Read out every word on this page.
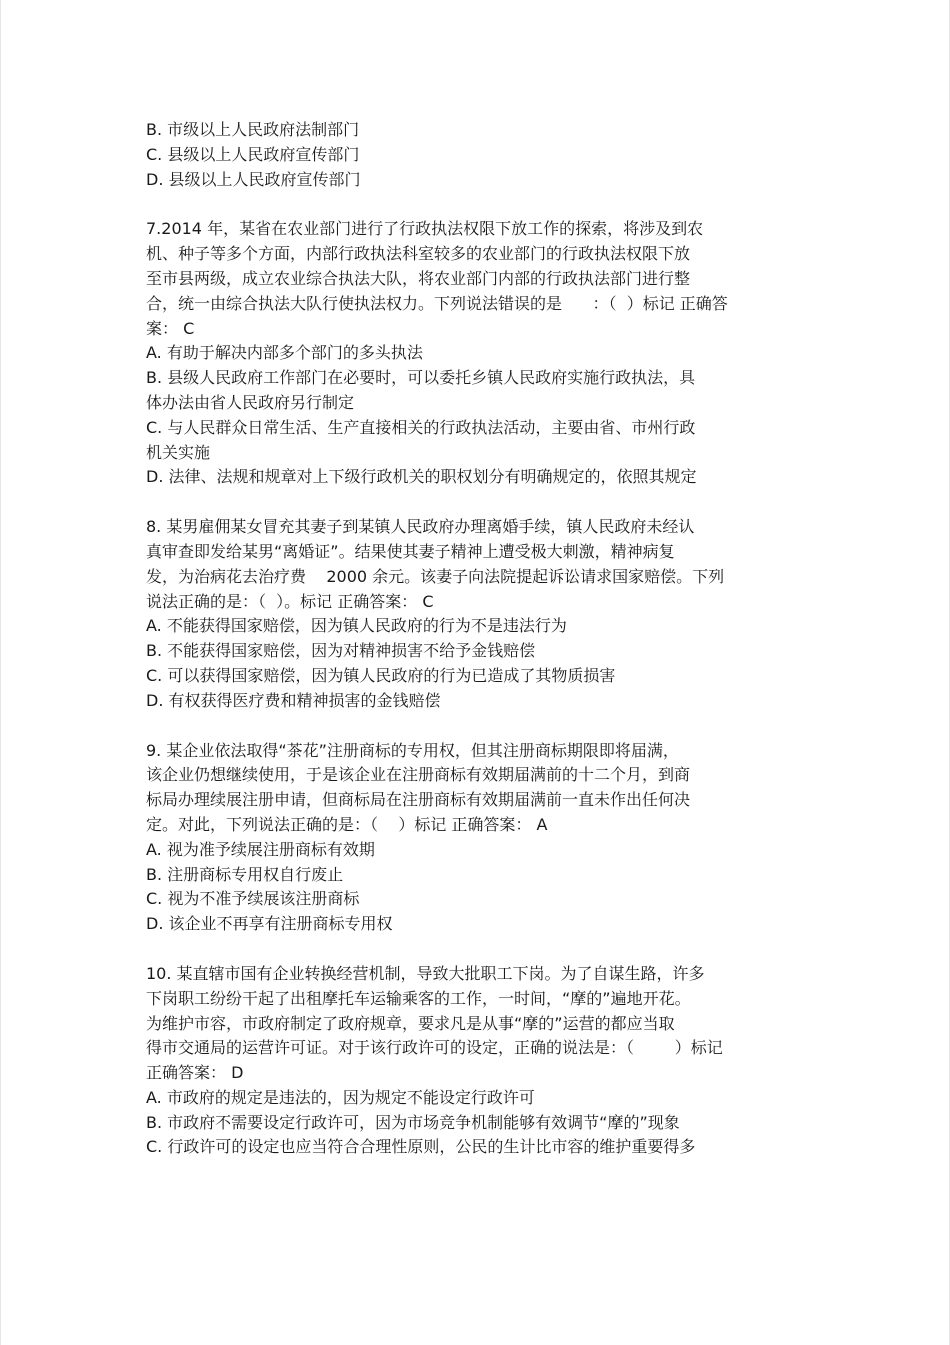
B. 市级以上人民政府法制部门
C. 县级以上人民政府宣传部门
D. 县级以上人民政府宣传部门
7.2014 年，某省在农业部门进行了行政执法权限下放工作的探索，将涉及到农
机、种子等多个方面，内部行政执法科室较多的农业部门的行政执法权限下放
至市县两级，成立农业综合执法大队，将农业部门内部的行政执法部门进行整
合，统一由综合执法大队行使执法权力。下列说法错误的是      ：（  ）标记 正确答
案： C
A. 有助于解决内部多个部门的多头执法
B. 县级人民政府工作部门在必要时，可以委托乡镇人民政府实施行政执法，具
体办法由省人民政府另行制定
C. 与人民群众日常生活、生产直接相关的行政执法活动，主要由省、市州行政
机关实施
D. 法律、法规和规章对上下级行政机关的职权划分有明确规定的，依照其规定
8. 某男雇佣某女冒充其妻子到某镇人民政府办理离婚手续，镇人民政府未经认
真审查即发给某男“离婚证”。结果使其妻子精神上遭受极大刺激，精神病复
发，为治病花去治疗费    2000 余元。该妻子向法院提起诉讼请求国家赔偿。下列
说法正确的是：（  ）。标记 正确答案： C
A. 不能获得国家赔偿，因为镇人民政府的行为不是违法行为
B. 不能获得国家赔偿，因为对精神损害不给予金钱赔偿
C. 可以获得国家赔偿，因为镇人民政府的行为已造成了其物质损害
D. 有权获得医疗费和精神损害的金钱赔偿
9. 某企业依法取得“茶花”注册商标的专用权，但其注册商标期限即将届满，
该企业仍想继续使用，于是该企业在注册商标有效期届满前的十二个月，到商
标局办理续展注册申请，但商标局在注册商标有效期届满前一直未作出任何决
定。对此，下列说法正确的是：（    ）标记 正确答案： A
A. 视为准予续展注册商标有效期
B. 注册商标专用权自行废止
C. 视为不准予续展该注册商标
D. 该企业不再享有注册商标专用权
10. 某直辖市国有企业转换经营机制，导致大批职工下岗。为了自谋生路，许多
下岗职工纷纷干起了出租摩托车运输乘客的工作，一时间，“摩的”遍地开花。
为维护市容，市政府制定了政府规章，要求凡是从事“摩的”运营的都应当取
得市交通局的运营许可证。对于该行政许可的设定，正确的说法是：（        ）标记
正确答案： D
A. 市政府的规定是违法的，因为规定不能设定行政许可
B. 市政府不需要设定行政许可，因为市场竞争机制能够有效调节“摩的”现象
C. 行政许可的设定也应当符合合理性原则，公民的生计比市容的维护重要得多
